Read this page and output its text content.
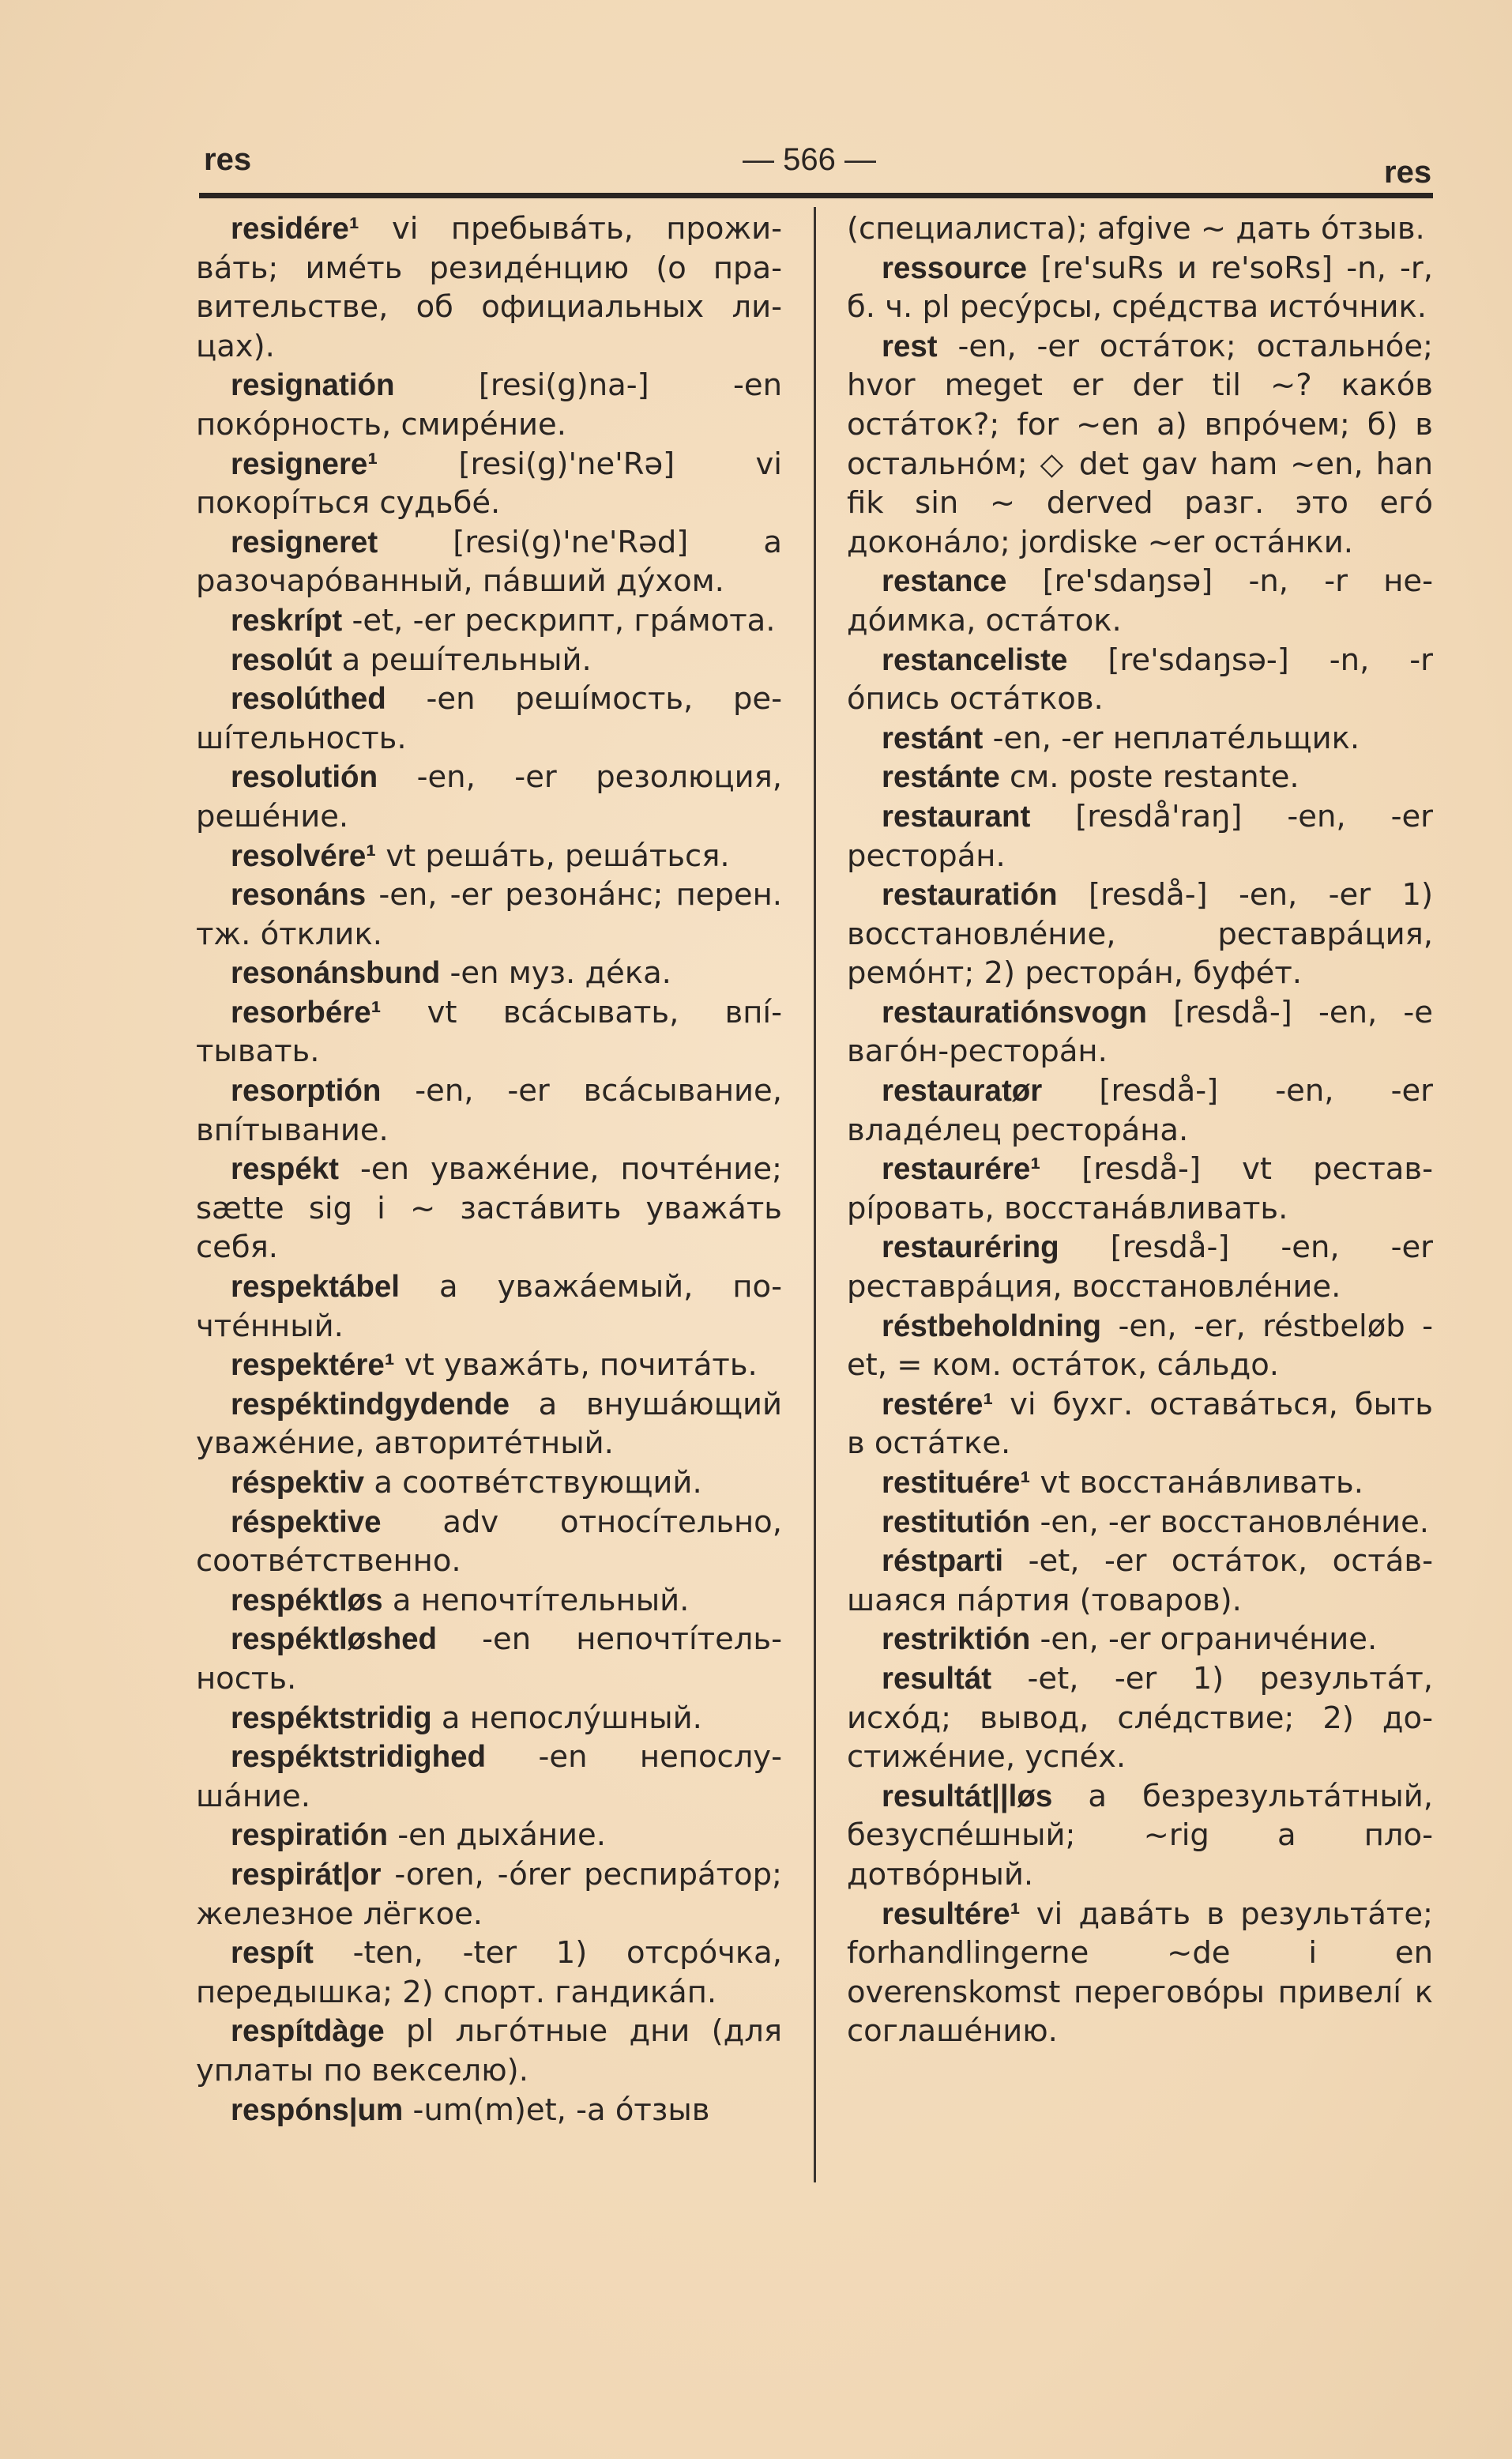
res	— 566 —	res

residére¹ vi пребывáть, проживáть; имéть резидéнцию (о правительстве, об официальных лицах).

resignatión	[resi(g)na-] -en покóрность, смирéние.

resignere¹	[resi(g)'ne'Rə] vi покорíться судьбé.

resigneret [resi(g)'ne'Rəd] a разочарóванный, пáвший дýхом.

reskrípt -et, -er рескрипт, грáмота.

resolút a решíтельный.

resolúthed -en решíмость, решíтельность.

resolutión -en, -er резолюция, решéние.

resolvére¹ vt решáть, решáться.

resonáns -en, -er резонáнс; перен. тж. óтклик.

resonánsbund -en муз. дéка.

resorbére¹ vt всáсывать, впíтывать.

resorptión -en, -er всáсывание, впíтывание.

respékt -en уважéние, почтéние; sætte sig i ~ застáвить уважáть себя.

respektábel a уважáемый, почтéнный.

respektére¹ vt уважáть, почитáть.

respéktindgydende a внушáющий уважéние, авторитéтный.

réspektiv a соотвéтствующий.

réspektive adv относíтельно, соотвéтственно.

respéktløs a непочтíтельный.

respéktløshed -en непочтíтельность.

respéktstridig a непослýшный.

respéktstridighed -en непослушáние.

respiratión -en дыхáние.

respirát|or -oren, -órer респирáтор; железное лёгкое.

respít -ten, -ter 1) отсрóчка, передышка; 2) спорт. гандикáп.

respítdàge pl льгóтные дни (для уплаты по векселю).

respóns|um -um(m)et, -a óтзыв

(специалиста); afgive ~ дать óтзыв.

ressource [re'suRs и re'soRs] -n, -r, б. ч. pl ресýрсы, срéдства истóчник.

rest -en, -er остáток; остальнóе; hvor meget er der til ~? какóв остáток?; for ~en a) впрóчем; б) в остальнóм; ◇ det gav ham ~en, han fik sin ~ derved разг. это егó доконáло; jordiske ~er остáнки.

restance [re'sdaŋsə] -n, -r недóимка, остáток.

restanceliste [re'sdaŋsə-] -n, -r óпись остáтков.

restánt -en, -er неплатéльщик.

restánte см. poste restante.

restaurant [resdå'raŋ] -en, -er ресторáн.

restauratión [resdå-] -en, -er 1) восстановлéние, реставрáция, ремóнт; 2) ресторáн, буфéт.

restauratiónsvogn [resdå-] -en, -e вагóн-ресторáн.

restauratør [resdå-] -en, -er владéлец ресторáна.

restaurére¹ [resdå-] vt реставрíровать, восстанáвливать.

restauréring [resdå-] -en, -er реставрáция, восстановлéние.

réstbeholdning -en, -er, réstbeløb -et, = ком. остáток, сáльдо.

restére¹ vi бухг. оставáться, быть в остáтке.

restituére¹ vt восстанáвливать.

restitutión -en, -er восстановлéние.

réstparti -et, -er остáток, остáвшаяся пáртия (товаров).

restriktión -en, -er ограничéние.

resultát -et, -er 1) результáт, исхóд; вывод, слéдствие; 2) достижéние, успéх.

resultát||løs a безрезультáтный, безуспéшный; ~rig a плодотвóрный.

resultére¹ vi давáть в результáте; forhandlingerne ~de i en overenskomst переговóры привелí к соглашéнию.
